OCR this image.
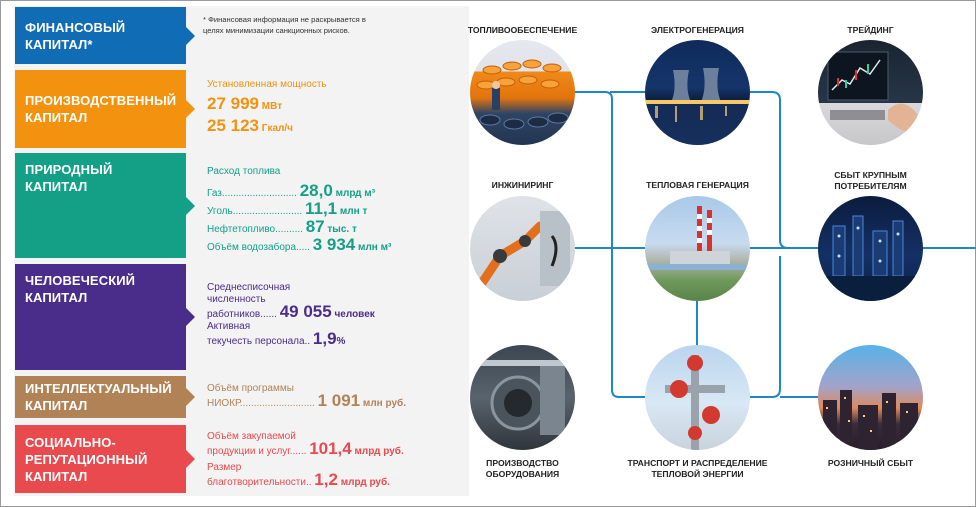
ФИНАНСОВЫЙ
КАПИТАЛ*
ПРОИЗВОДСТВЕННЫЙ
КАПИТАЛ
ПРИРОДНЫЙ
КАПИТАЛ
ЧЕЛОВЕЧЕСКИЙ
КАПИТАЛ
ИНТЕЛЛЕКТУАЛЬНЫЙ
КАПИТАЛ
СОЦИАЛЬНО-
РЕПУТАЦИОННЫЙ
КАПИТАЛ
* Финансовая информация не раскрывается в целях минимизации санкционных рисков.
Установленная мощность
27 999 МВт
25 123 Гкал/ч
Расход топлива
Газ........................... 28,0 млрд м³
Уголь......................... 11,1 млн т
Нефтетопливо.......... 87 тыс. т
Объём водозабора..... 3 934 млн м³
Среднесписочная
численность
работников...... 49 055 человек
Активная
текучесть персонала.. 1,9%
Объём программы
НИОКР........................... 1 091 млн руб.
Объём закупаемой
продукции и услуг...... 101,4 млрд руб.
Размер
благотворительности.. 1,2 млрд руб.
ТОПЛИВООБЕСПЕЧЕНИЕ	ЭЛЕКТРОГЕНЕРАЦИЯ	ТРЕЙДИНГ
ИНЖИНИРИНГ	ТЕПЛОВАЯ ГЕНЕРАЦИЯ
СБЫТ КРУПНЫМ
ПОТРЕБИТЕЛЯМ
ПРОИЗВОДСТВО
ОБОРУДОВАНИЯ
ТРАНСПОРТ И РАСПРЕДЕЛЕНИЕ
ТЕПЛОВОЙ ЭНЕРГИИ
РОЗНИЧНЫЙ СБЫТ
